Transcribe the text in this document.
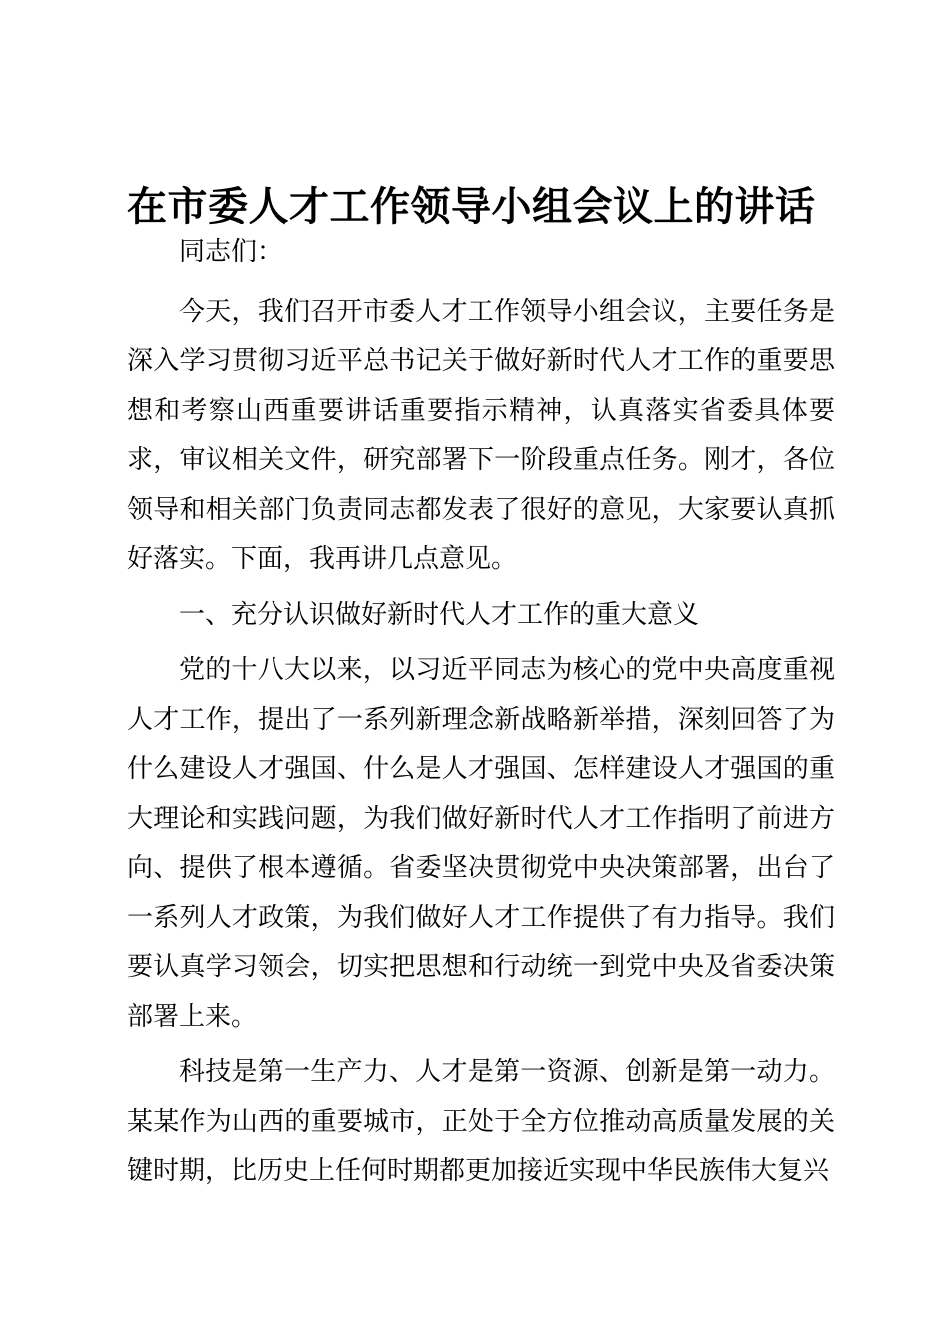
在市委人才工作领导小组会议上的讲话

同志们：

今天，我们召开市委人才工作领导小组会议，主要任务是深入学习贯彻习近平总书记关于做好新时代人才工作的重要思想和考察山西重要讲话重要指示精神，认真落实省委具体要求，审议相关文件，研究部署下一阶段重点任务。刚才，各位领导和相关部门负责同志都发表了很好的意见，大家要认真抓好落实。下面，我再讲几点意见。

一、充分认识做好新时代人才工作的重大意义

党的十八大以来，以习近平同志为核心的党中央高度重视人才工作，提出了一系列新理念新战略新举措，深刻回答了为什么建设人才强国、什么是人才强国、怎样建设人才强国的重大理论和实践问题，为我们做好新时代人才工作指明了前进方向、提供了根本遵循。省委坚决贯彻党中央决策部署，出台了一系列人才政策，为我们做好人才工作提供了有力指导。我们要认真学习领会，切实把思想和行动统一到党中央及省委决策部署上来。

科技是第一生产力、人才是第一资源、创新是第一动力。某某作为山西的重要城市，正处于全方位推动高质量发展的关键时期，比历史上任何时期都更加接近实现中华民族伟大复兴
